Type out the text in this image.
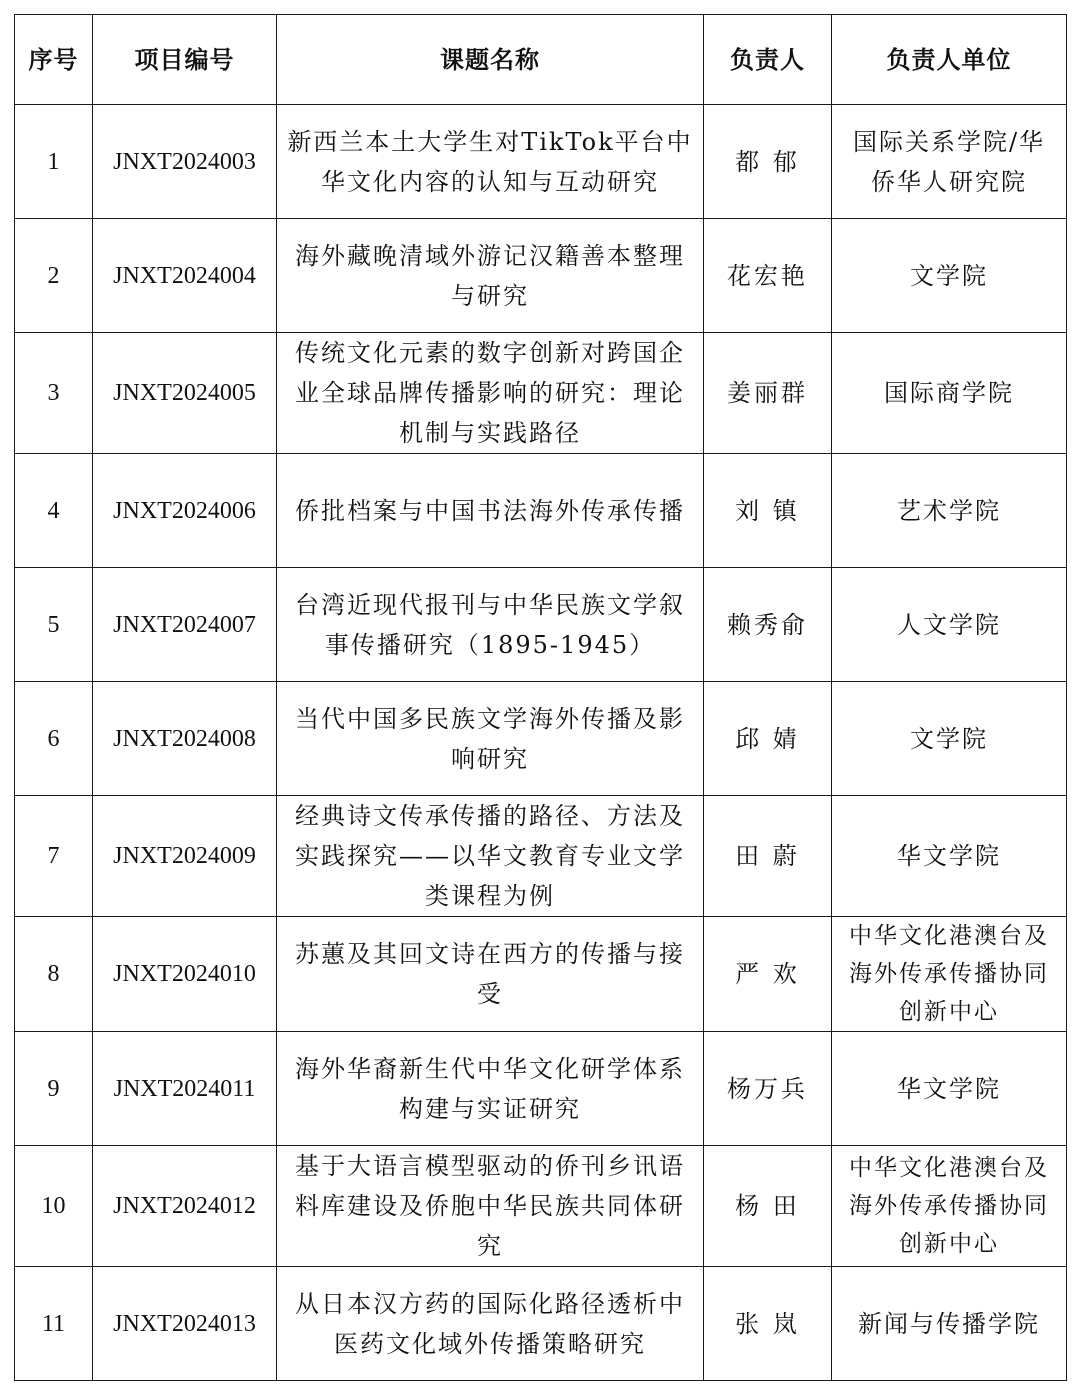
序号	项目编号	课题名称	负责人	负责人单位
1	JNXT2024003	新西兰本土大学生对TikTok平台中华文化内容的认知与互动研究	都 郁	国际关系学院/华侨华人研究院
2	JNXT2024004	海外藏晚清域外游记汉籍善本整理与研究	花宏艳	文学院
3	JNXT2024005	传统文化元素的数字创新对跨国企业全球品牌传播影响的研究：理论机制与实践路径	姜丽群	国际商学院
4	JNXT2024006	侨批档案与中国书法海外传承传播	刘 镇	艺术学院
5	JNXT2024007	台湾近现代报刊与中华民族文学叙事传播研究（1895-1945）	赖秀俞	人文学院
6	JNXT2024008	当代中国多民族文学海外传播及影响研究	邱 婧	文学院
7	JNXT2024009	经典诗文传承传播的路径、方法及实践探究——以华文教育专业文学类课程为例	田 蔚	华文学院
8	JNXT2024010	苏蕙及其回文诗在西方的传播与接受	严 欢	中华文化港澳台及海外传承传播协同创新中心
9	JNXT2024011	海外华裔新生代中华文化研学体系构建与实证研究	杨万兵	华文学院
10	JNXT2024012	基于大语言模型驱动的侨刊乡讯语料库建设及侨胞中华民族共同体研究	杨 田	中华文化港澳台及海外传承传播协同创新中心
11	JNXT2024013	从日本汉方药的国际化路径透析中医药文化域外传播策略研究	张 岚	新闻与传播学院
